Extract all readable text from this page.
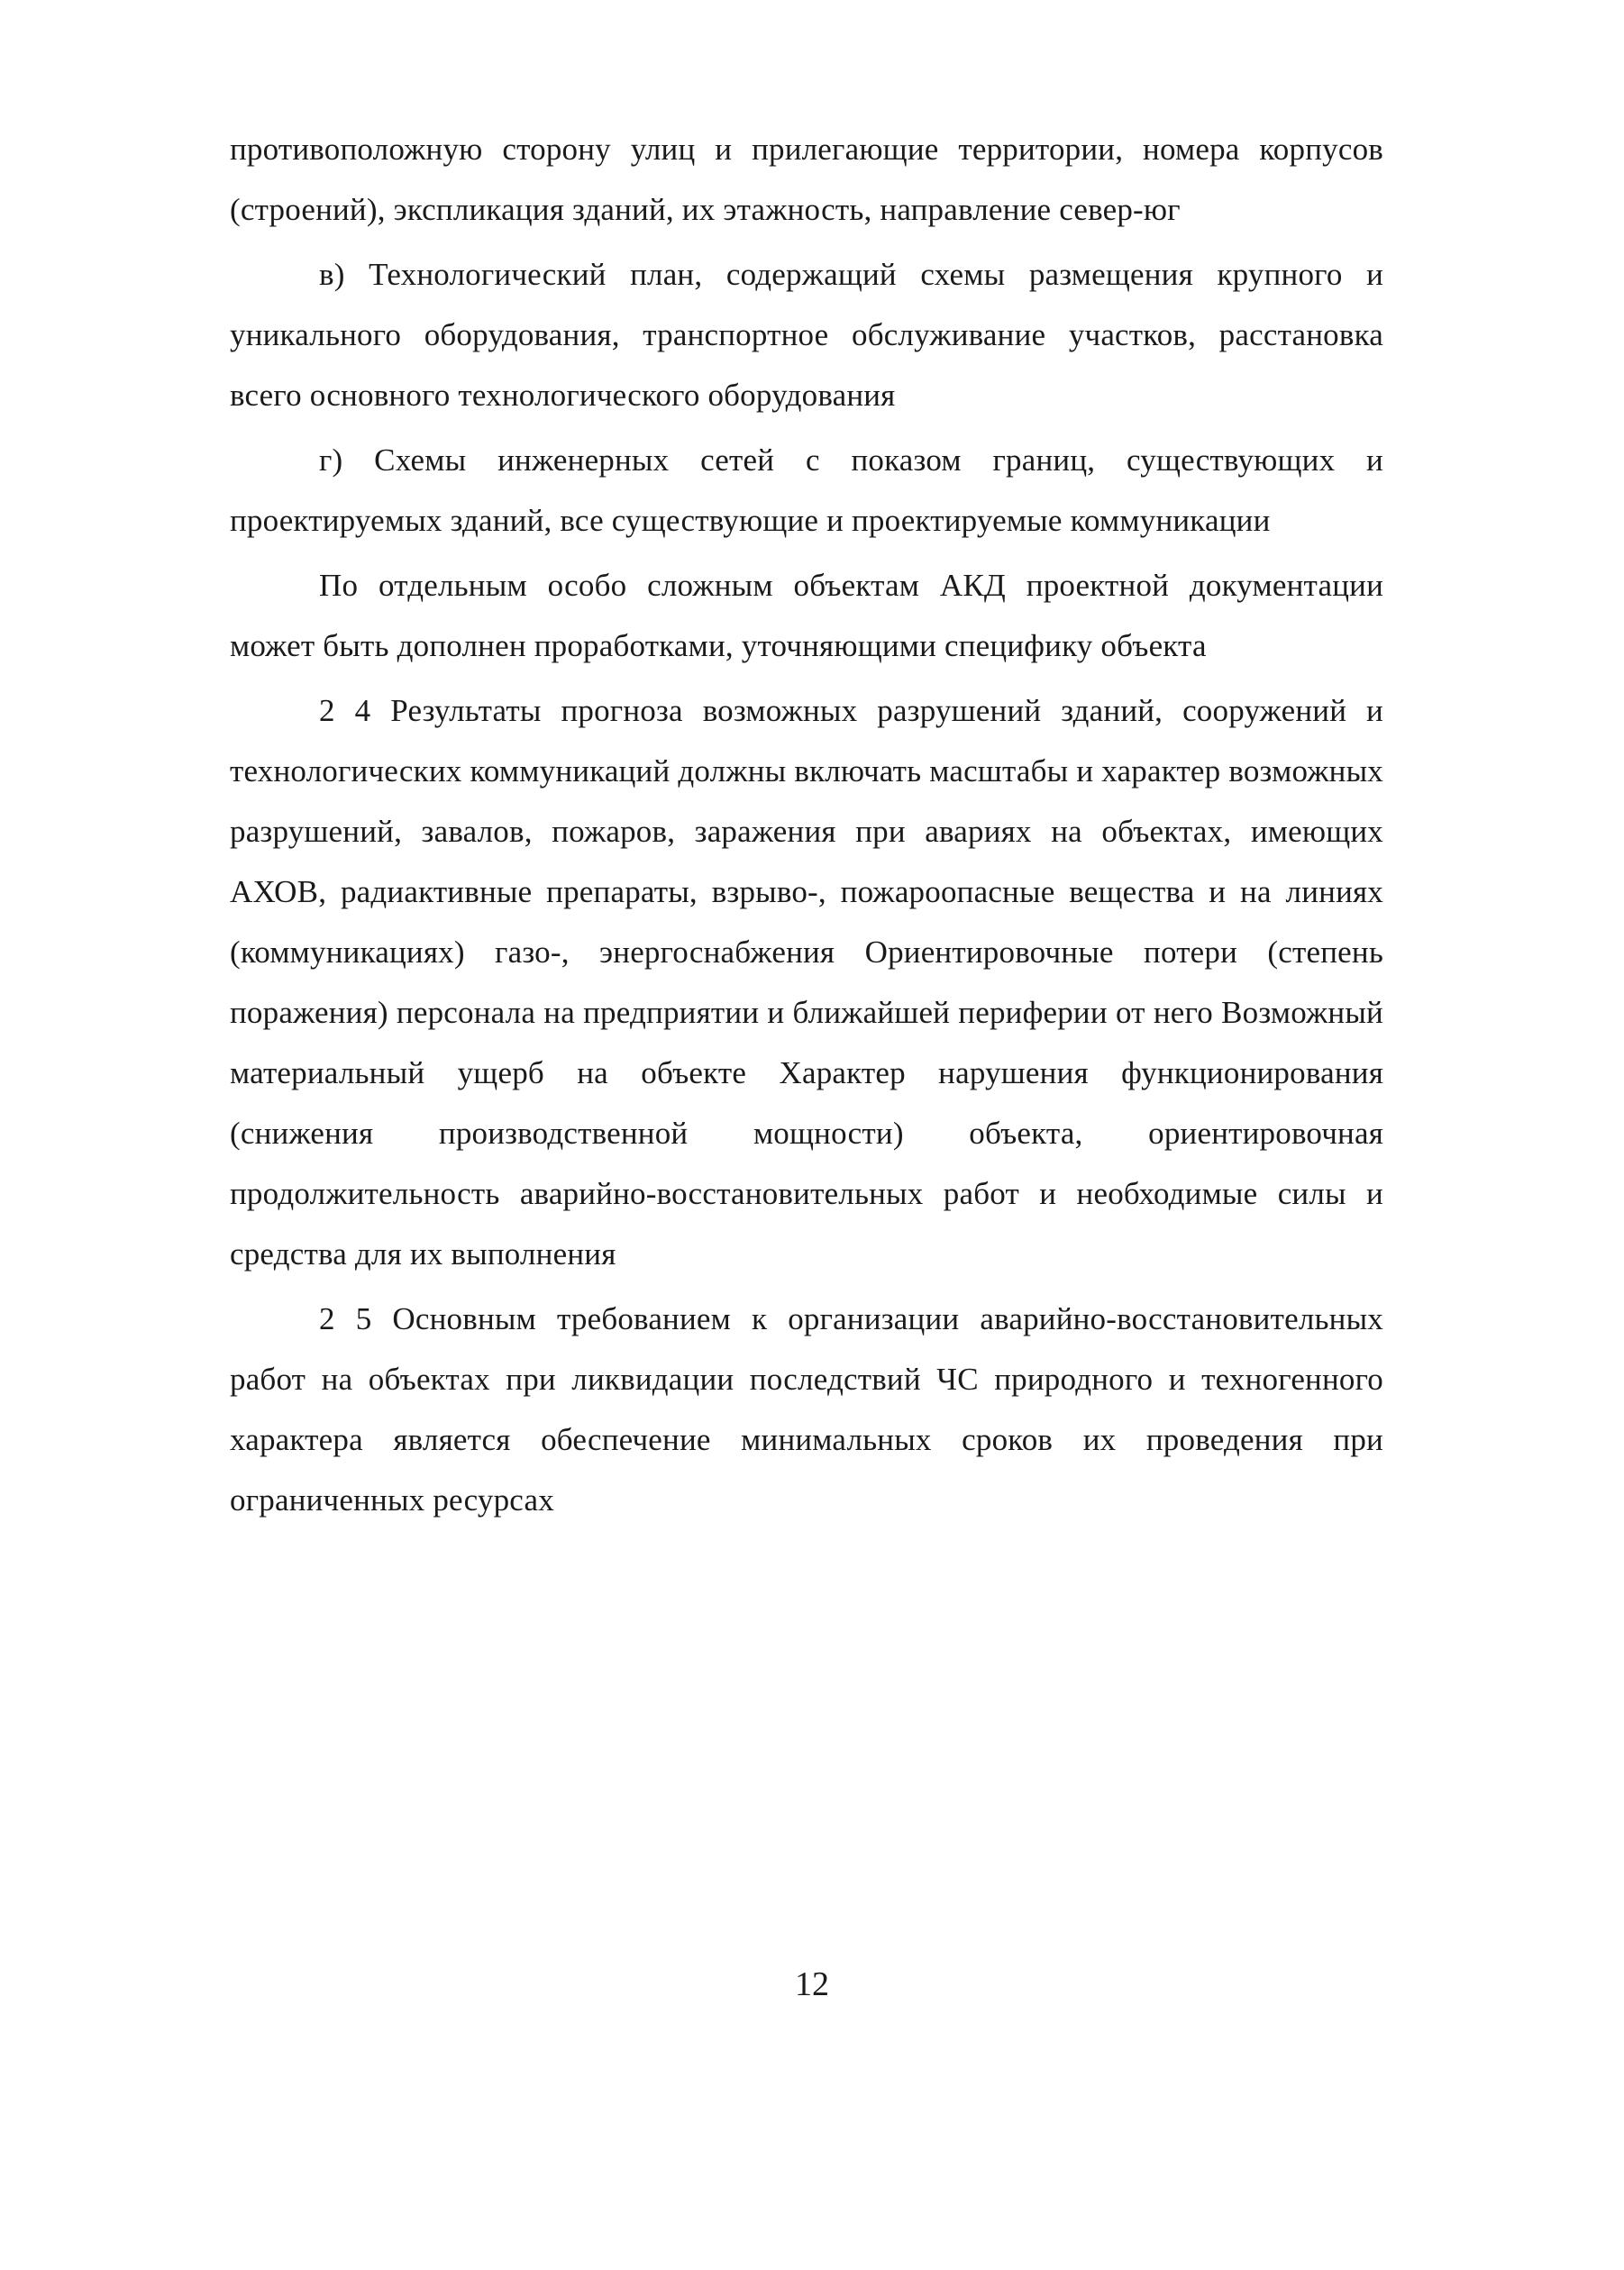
противоположную сторону улиц и прилегающие территории, номера корпусов (строений), экспликация зданий, их этажность, направление север-юг

в) Технологический план, содержащий схемы размещения крупного и уникального оборудования, транспортное обслуживание участков, расстановка всего основного технологического оборудования

г) Схемы инженерных сетей с показом границ, существующих и проектируемых зданий, все существующие и проектируемые коммуникации

По отдельным особо сложным объектам АКД проектной документации может быть дополнен проработками, уточняющими специфику объекта

2 4 Результаты прогноза возможных разрушений зданий, сооружений и технологических коммуникаций должны включать масштабы и характер возможных разрушений, завалов, пожаров, заражения при авариях на объектах, имеющих АХОВ, радиактивные препараты, взрыво-, пожароопасные вещества и на линиях (коммуникациях) газо-, энергоснабжения Ориентировочные потери (степень поражения) персонала на предприятии и ближайшей периферии от него Возможный материальный ущерб на объекте Характер нарушения функционирования (снижения производственной мощности) объекта, ориентировочная продолжительность аварийно-восстановительных работ и необходимые силы и средства для их выполнения

2 5 Основным требованием к организации аварийно-восстановительных работ на объектах при ликвидации последствий ЧС природного и техногенного характера является обеспечение минимальных сроков их проведения при ограниченных ресурсах

12
